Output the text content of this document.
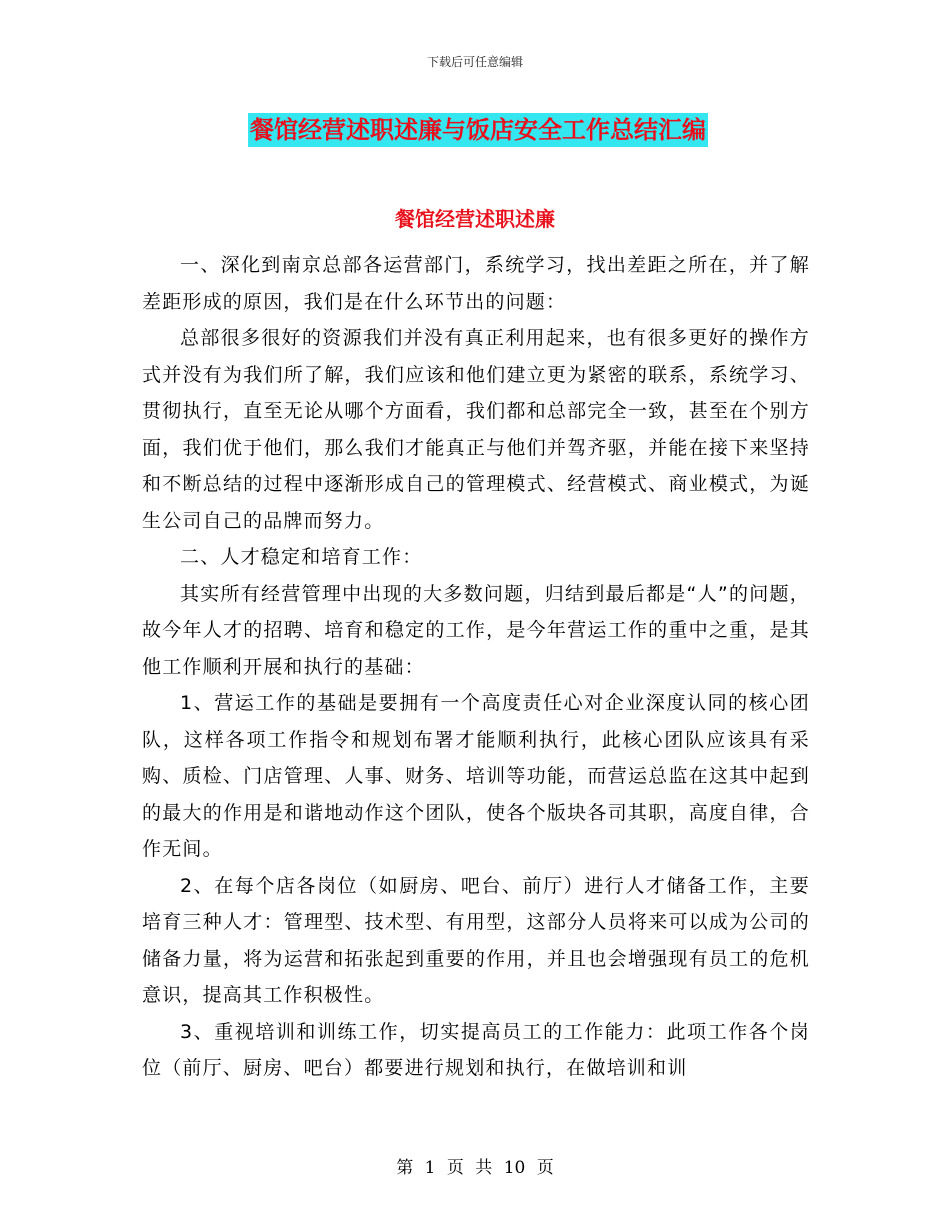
下载后可任意编辑
餐馆经营述职述廉与饭店安全工作总结汇编
餐馆经营述职述廉

一、深化到南京总部各运营部门，系统学习，找出差距之所在，并了解差距形成的原因，我们是在什么环节出的问题：

总部很多很好的资源我们并没有真正利用起来，也有很多更好的操作方式并没有为我们所了解，我们应该和他们建立更为紧密的联系，系统学习、贯彻执行，直至无论从哪个方面看，我们都和总部完全一致，甚至在个别方面，我们优于他们，那么我们才能真正与他们并驾齐驱，并能在接下来坚持和不断总结的过程中逐渐形成自己的管理模式、经营模式、商业模式，为诞生公司自己的品牌而努力。

二、人才稳定和培育工作：

其实所有经营管理中出现的大多数问题，归结到最后都是“人”的问题，故今年人才的招聘、培育和稳定的工作，是今年营运工作的重中之重，是其他工作顺利开展和执行的基础：

1、营运工作的基础是要拥有一个高度责任心对企业深度认同的核心团队，这样各项工作指令和规划布署才能顺利执行，此核心团队应该具有采购、质检、门店管理、人事、财务、培训等功能，而营运总监在这其中起到的最大的作用是和谐地动作这个团队，使各个版块各司其职，高度自律，合作无间。

2、在每个店各岗位（如厨房、吧台、前厅）进行人才储备工作，主要培育三种人才：管理型、技术型、有用型，这部分人员将来可以成为公司的储备力量，将为运营和拓张起到重要的作用，并且也会增强现有员工的危机意识，提高其工作积极性。

3、重视培训和训练工作，切实提高员工的工作能力：此项工作各个岗位（前厅、厨房、吧台）都要进行规划和执行，在做培训和训

第 1 页 共 10 页
